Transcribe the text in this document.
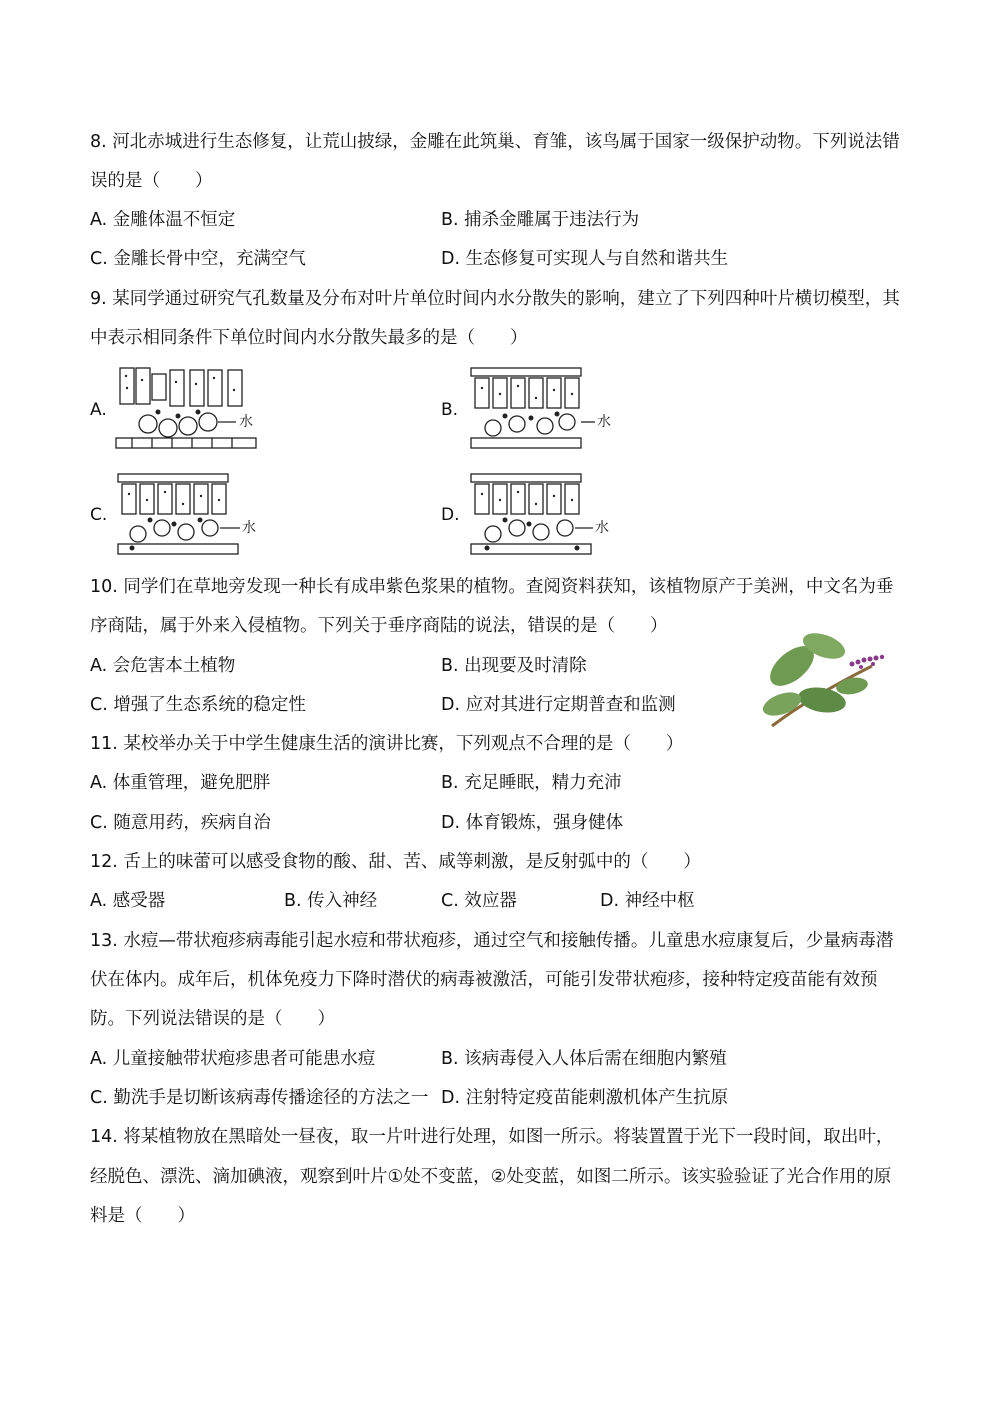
8. 河北赤城进行生态修复，让荒山披绿，金雕在此筑巢、育雏，该鸟属于国家一级保护动物。下列说法错
误的是（　　）
A. 金雕体温不恒定	B. 捕杀金雕属于违法行为
C. 金雕长骨中空，充满空气	D. 生态修复可实现人与自然和谐共生
9. 某同学通过研究气孔数量及分布对叶片单位时间内水分散失的影响，建立了下列四种叶片横切模型，其
中表示相同条件下单位时间内水分散失最多的是（　　）
A.
水
B.
水
C.
水
D.
水
10. 同学们在草地旁发现一种长有成串紫色浆果的植物。查阅资料获知，该植物原产于美洲，中文名为垂
序商陆，属于外来入侵植物。下列关于垂序商陆的说法，错误的是（　　）
A. 会危害本土植物	B. 出现要及时清除
C. 增强了生态系统的稳定性	D. 应对其进行定期普查和监测
11. 某校举办关于中学生健康生活的演讲比赛，下列观点不合理的是（　　）
A. 体重管理，避免肥胖	B. 充足睡眠，精力充沛
C. 随意用药，疾病自治	D. 体育锻炼，强身健体
12. 舌上的味蕾可以感受食物的酸、甜、苦、咸等刺激，是反射弧中的（　　）
A. 感受器	B. 传入神经	C. 效应器	D. 神经中枢
13. 水痘—带状疱疹病毒能引起水痘和带状疱疹，通过空气和接触传播。儿童患水痘康复后，少量病毒潜
伏在体内。成年后，机体免疫力下降时潜伏的病毒被激活，可能引发带状疱疹，接种特定疫苗能有效预
防。下列说法错误的是（　　）
A. 儿童接触带状疱疹患者可能患水痘	B. 该病毒侵入人体后需在细胞内繁殖
C. 勤洗手是切断该病毒传播途径的方法之一 D. 注射特定疫苗能刺激机体产生抗原
14. 将某植物放在黑暗处一昼夜，取一片叶进行处理，如图一所示。将装置置于光下一段时间，取出叶，
经脱色、漂洗、滴加碘液，观察到叶片①处不变蓝，②处变蓝，如图二所示。该实验验证了光合作用的原
料是（　　）
